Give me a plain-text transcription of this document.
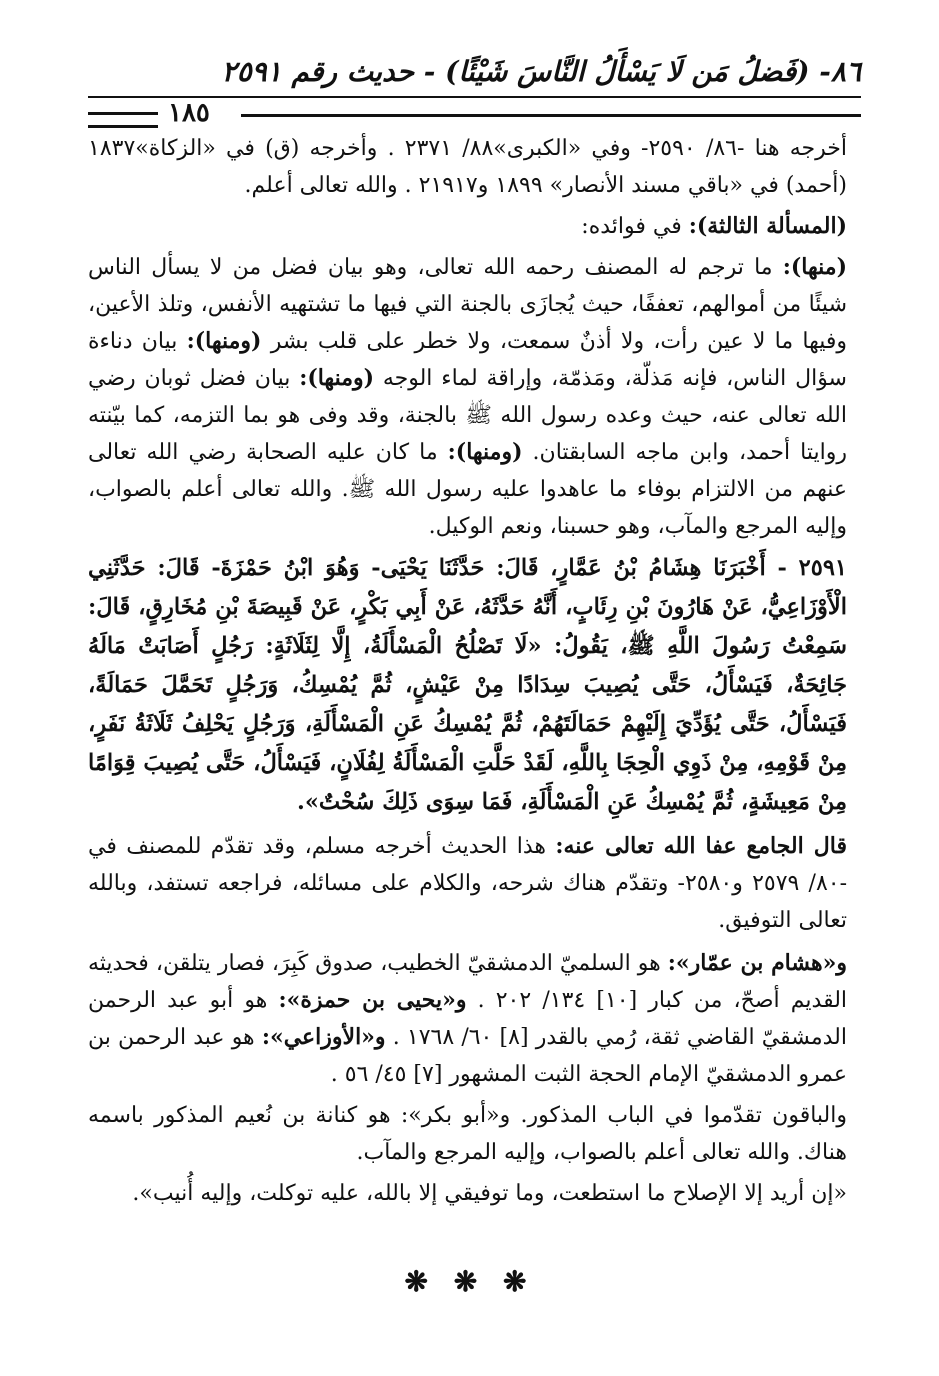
٨٦- (فَضلُ مَن لَا يَسْأَلُ النَّاسَ شَيْئًا) - حديث رقم ٢٥٩١
١٨٥

أخرجه هنا -٨٦/ ٢٥٩٠- وفي «الكبرى»٨٨/ ٢٣٧١ . وأخرجه (ق) في «الزكاة»١٨٣٧ (أحمد) في «باقي مسند الأنصار» ١٨٩٩ و٢١٩١٧ . والله تعالى أعلم.

(المسألة الثالثة): في فوائده:

(منها): ما ترجم له المصنف رحمه الله تعالى، وهو بيان فضل من لا يسأل الناس شيئًا من أموالهم، تعففًا، حيث يُجازَى بالجنة التي فيها ما تشتهيه الأنفس، وتلذ الأعين، وفيها ما لا عين رأت، ولا أذنٌ سمعت، ولا خطر على قلب بشر (ومنها): بيان دناءة سؤال الناس، فإنه مَذلّة، ومَذمّة، وإراقة لماء الوجه (ومنها): بيان فضل ثوبان رضي الله تعالى عنه، حيث وعده رسول الله ﷺ بالجنة، وقد وفى هو بما التزمه، كما بيّنته روايتا أحمد، وابن ماجه السابقتان. (ومنها): ما كان عليه الصحابة رضي الله تعالى عنهم من الالتزام بوفاء ما عاهدوا عليه رسول الله ﷺ. والله تعالى أعلم بالصواب، وإليه المرجع والمآب، وهو حسبنا، ونعم الوكيل.

٢٥٩١ - أَخْبَرَنَا هِشَامُ بْنُ عَمَّارٍ، قَالَ: حَدَّثَنَا يَحْيَى- وَهُوَ ابْنُ حَمْزَةَ- قَالَ: حَدَّثَنِي الْأَوْزَاعِيُّ، عَنْ هَارُونَ بْنِ رِئَابٍ، أَنَّهُ حَدَّثَهُ، عَنْ أَبِي بَكْرٍ، عَنْ قَبِيصَةَ بْنِ مُخَارِقٍ، قَالَ: سَمِعْتُ رَسُولَ اللَّهِ ﷺ، يَقُولُ: «لَا تَصْلُحُ الْمَسْأَلَةُ، إِلَّا لِثَلَاثَةٍ: رَجُلٍ أَصَابَتْ مَالَهُ جَائِحَةٌ، فَيَسْأَلُ، حَتَّى يُصِيبَ سِدَادًا مِنْ عَيْشٍ، ثُمَّ يُمْسِكُ، وَرَجُلٍ تَحَمَّلَ حَمَالَةً، فَيَسْأَلُ، حَتَّى يُؤَدِّيَ إِلَيْهِمْ حَمَالَتَهُمْ، ثُمَّ يُمْسِكُ عَنِ الْمَسْأَلَةِ، وَرَجُلٍ يَحْلِفُ ثَلَاثَةُ نَفَرٍ، مِنْ قَوْمِهِ، مِنْ ذَوِي الْحِجَا بِاللَّهِ، لَقَدْ حَلَّتِ الْمَسْأَلَةُ لِفُلَانٍ، فَيَسْأَلُ، حَتَّى يُصِيبَ قِوَامًا مِنْ مَعِيشَةٍ، ثُمَّ يُمْسِكُ عَنِ الْمَسْأَلَةِ، فَمَا سِوَى ذَلِكَ سُحْتٌ».

قال الجامع عفا الله تعالى عنه: هذا الحديث أخرجه مسلم، وقد تقدّم للمصنف في -٨٠/ ٢٥٧٩ و٢٥٨٠- وتقدّم هناك شرحه، والكلام على مسائله، فراجعه تستفد، وبالله تعالى التوفيق.

و«هشام بن عمّار»: هو السلميّ الدمشقيّ الخطيب، صدوق كَبِرَ، فصار يتلقن، فحديثه القديم أصحّ، من كبار [١٠] ١٣٤/ ٢٠٢ . و«يحيى بن حمزة»: هو أبو عبد الرحمن الدمشقيّ القاضي ثقة، رُمي بالقدر [٨] ٦٠/ ١٧٦٨ . و«الأوزاعي»: هو عبد الرحمن بن عمرو الدمشقيّ الإمام الحجة الثبت المشهور [٧] ٤٥/ ٥٦ .

والباقون تقدّموا في الباب المذكور. و«أبو بكر»: هو كنانة بن نُعيم المذكور باسمه هناك. والله تعالى أعلم بالصواب، وإليه المرجع والمآب.

«إن أريد إلا الإصلاح ما استطعت، وما توفيقي إلا بالله، عليه توكلت، وإليه أُنيب».

❋ ❋ ❋
